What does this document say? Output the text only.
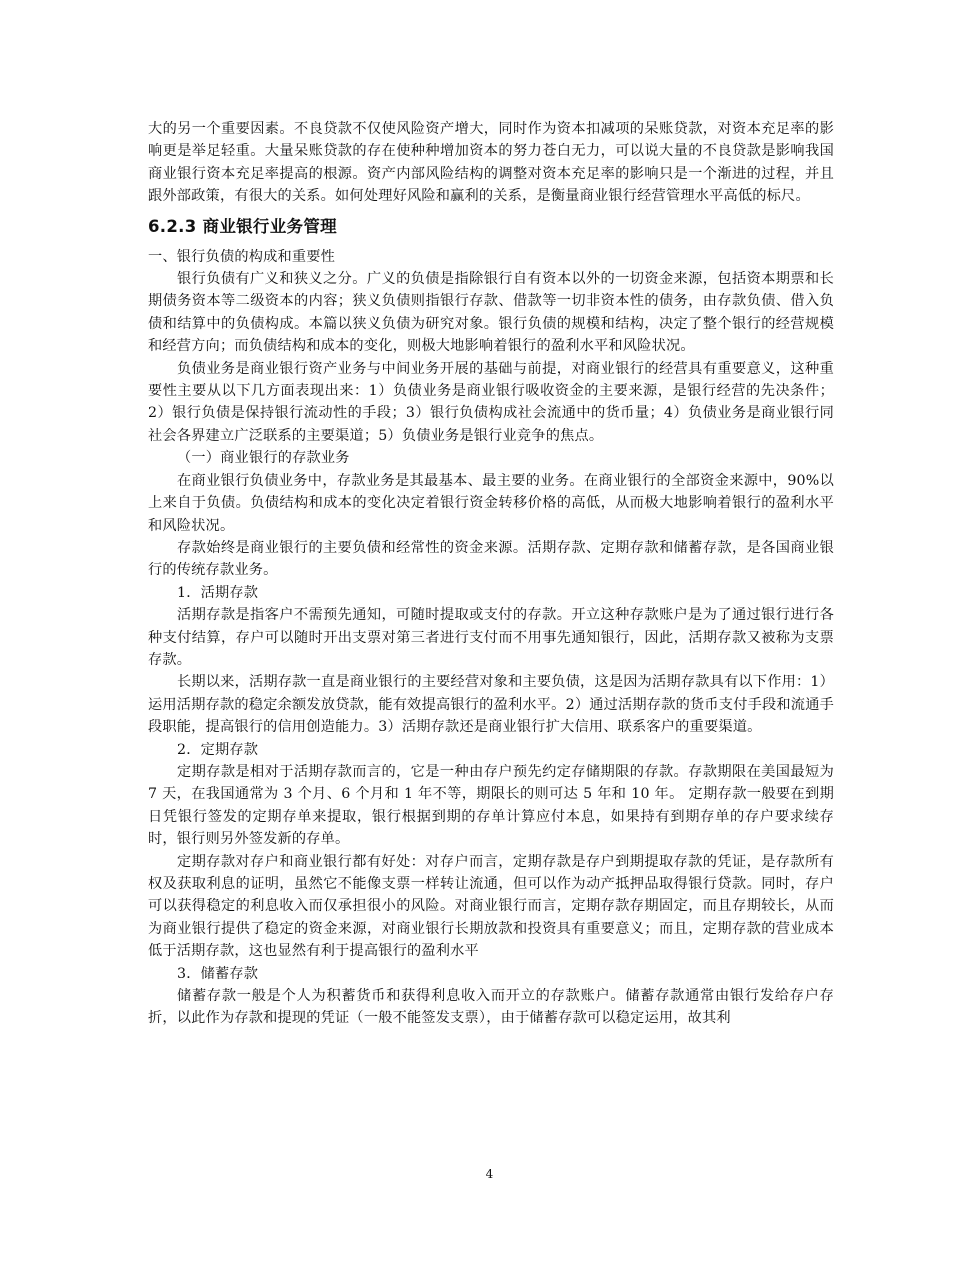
大的另一个重要因素。不良贷款不仅使风险资产增大，同时作为资本扣减项的呆账贷款，对资本充足率的影响更是举足轻重。大量呆账贷款的存在使种种增加资本的努力苍白无力，可以说大量的不良贷款是影响我国商业银行资本充足率提高的根源。资产内部风险结构的调整对资本充足率的影响只是一个渐进的过程，并且跟外部政策，有很大的关系。如何处理好风险和赢利的关系，是衡量商业银行经营管理水平高低的标尺。

6.2.3 商业银行业务管理

一、银行负债的构成和重要性

银行负债有广义和狭义之分。广义的负债是指除银行自有资本以外的一切资金来源，包括资本期票和长期债务资本等二级资本的内容；狭义负债则指银行存款、借款等一切非资本性的债务，由存款负债、借入负债和结算中的负债构成。本篇以狭义负债为研究对象。银行负债的规模和结构，决定了整个银行的经营规模和经营方向；而负债结构和成本的变化，则极大地影响着银行的盈利水平和风险状况。

负债业务是商业银行资产业务与中间业务开展的基础与前提，对商业银行的经营具有重要意义，这种重要性主要从以下几方面表现出来：1）负债业务是商业银行吸收资金的主要来源，是银行经营的先决条件；2）银行负债是保持银行流动性的手段；3）银行负债构成社会流通中的货币量；4）负债业务是商业银行同社会各界建立广泛联系的主要渠道；5）负债业务是银行业竞争的焦点。

（一）商业银行的存款业务

在商业银行负债业务中，存款业务是其最基本、最主要的业务。在商业银行的全部资金来源中，90%以上来自于负债。负债结构和成本的变化决定着银行资金转移价格的高低，从而极大地影响着银行的盈利水平和风险状况。

存款始终是商业银行的主要负债和经常性的资金来源。活期存款、定期存款和储蓄存款，是各国商业银行的传统存款业务。

1．活期存款

活期存款是指客户不需预先通知，可随时提取或支付的存款。开立这种存款账户是为了通过银行进行各种支付结算，存户可以随时开出支票对第三者进行支付而不用事先通知银行，因此，活期存款又被称为支票存款。

长期以来，活期存款一直是商业银行的主要经营对象和主要负债，这是因为活期存款具有以下作用：1）运用活期存款的稳定余额发放贷款，能有效提高银行的盈利水平。2）通过活期存款的货币支付手段和流通手段职能，提高银行的信用创造能力。3）活期存款还是商业银行扩大信用、联系客户的重要渠道。

2．定期存款

定期存款是相对于活期存款而言的，它是一种由存户预先约定存储期限的存款。存款期限在美国最短为 7 天，在我国通常为 3 个月、6 个月和 1 年不等，期限长的则可达 5 年和 10 年。 定期存款一般要在到期日凭银行签发的定期存单来提取，银行根据到期的存单计算应付本息，如果持有到期存单的存户要求续存时，银行则另外签发新的存单。

定期存款对存户和商业银行都有好处：对存户而言，定期存款是存户到期提取存款的凭证，是存款所有权及获取利息的证明，虽然它不能像支票一样转让流通，但可以作为动产抵押品取得银行贷款。同时，存户可以获得稳定的利息收入而仅承担很小的风险。对商业银行而言，定期存款存期固定，而且存期较长，从而为商业银行提供了稳定的资金来源，对商业银行长期放款和投资具有重要意义；而且，定期存款的营业成本低于活期存款，这也显然有利于提高银行的盈利水平

3．储蓄存款

储蓄存款一般是个人为积蓄货币和获得利息收入而开立的存款账户。储蓄存款通常由银行发给存户存折，以此作为存款和提现的凭证（一般不能签发支票），由于储蓄存款可以稳定运用，故其利

4
